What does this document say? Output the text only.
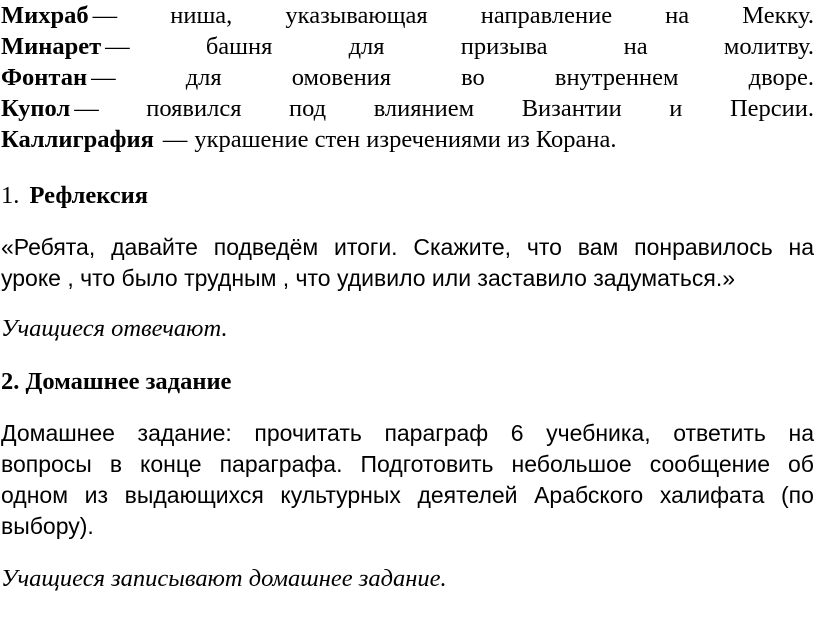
Михраб — ниша, указывающая направление на Мекку.
Минарет —	башня	для	призыва	на	молитву.
Фонтан —	для	омовения	во	внутреннем	дворе.
Купол — появился под влиянием Византии и Персии.
Каллиграфия — украшение стен изречениями из Корана.
1. Рефлексия
«Ребята, давайте подведём итоги. Скажите, что вам понравилось на
уроке , что было трудным , что удивило или заставило задуматься.»
Учащиеся отвечают.
2. Домашнее задание
Домашнее задание: прочитать параграф 6 учебника, ответить на
вопросы в конце параграфа. Подготовить небольшое сообщение об
одном из выдающихся культурных деятелей Арабского халифата (по
выбору).
Учащиеся записывают домашнее задание.
